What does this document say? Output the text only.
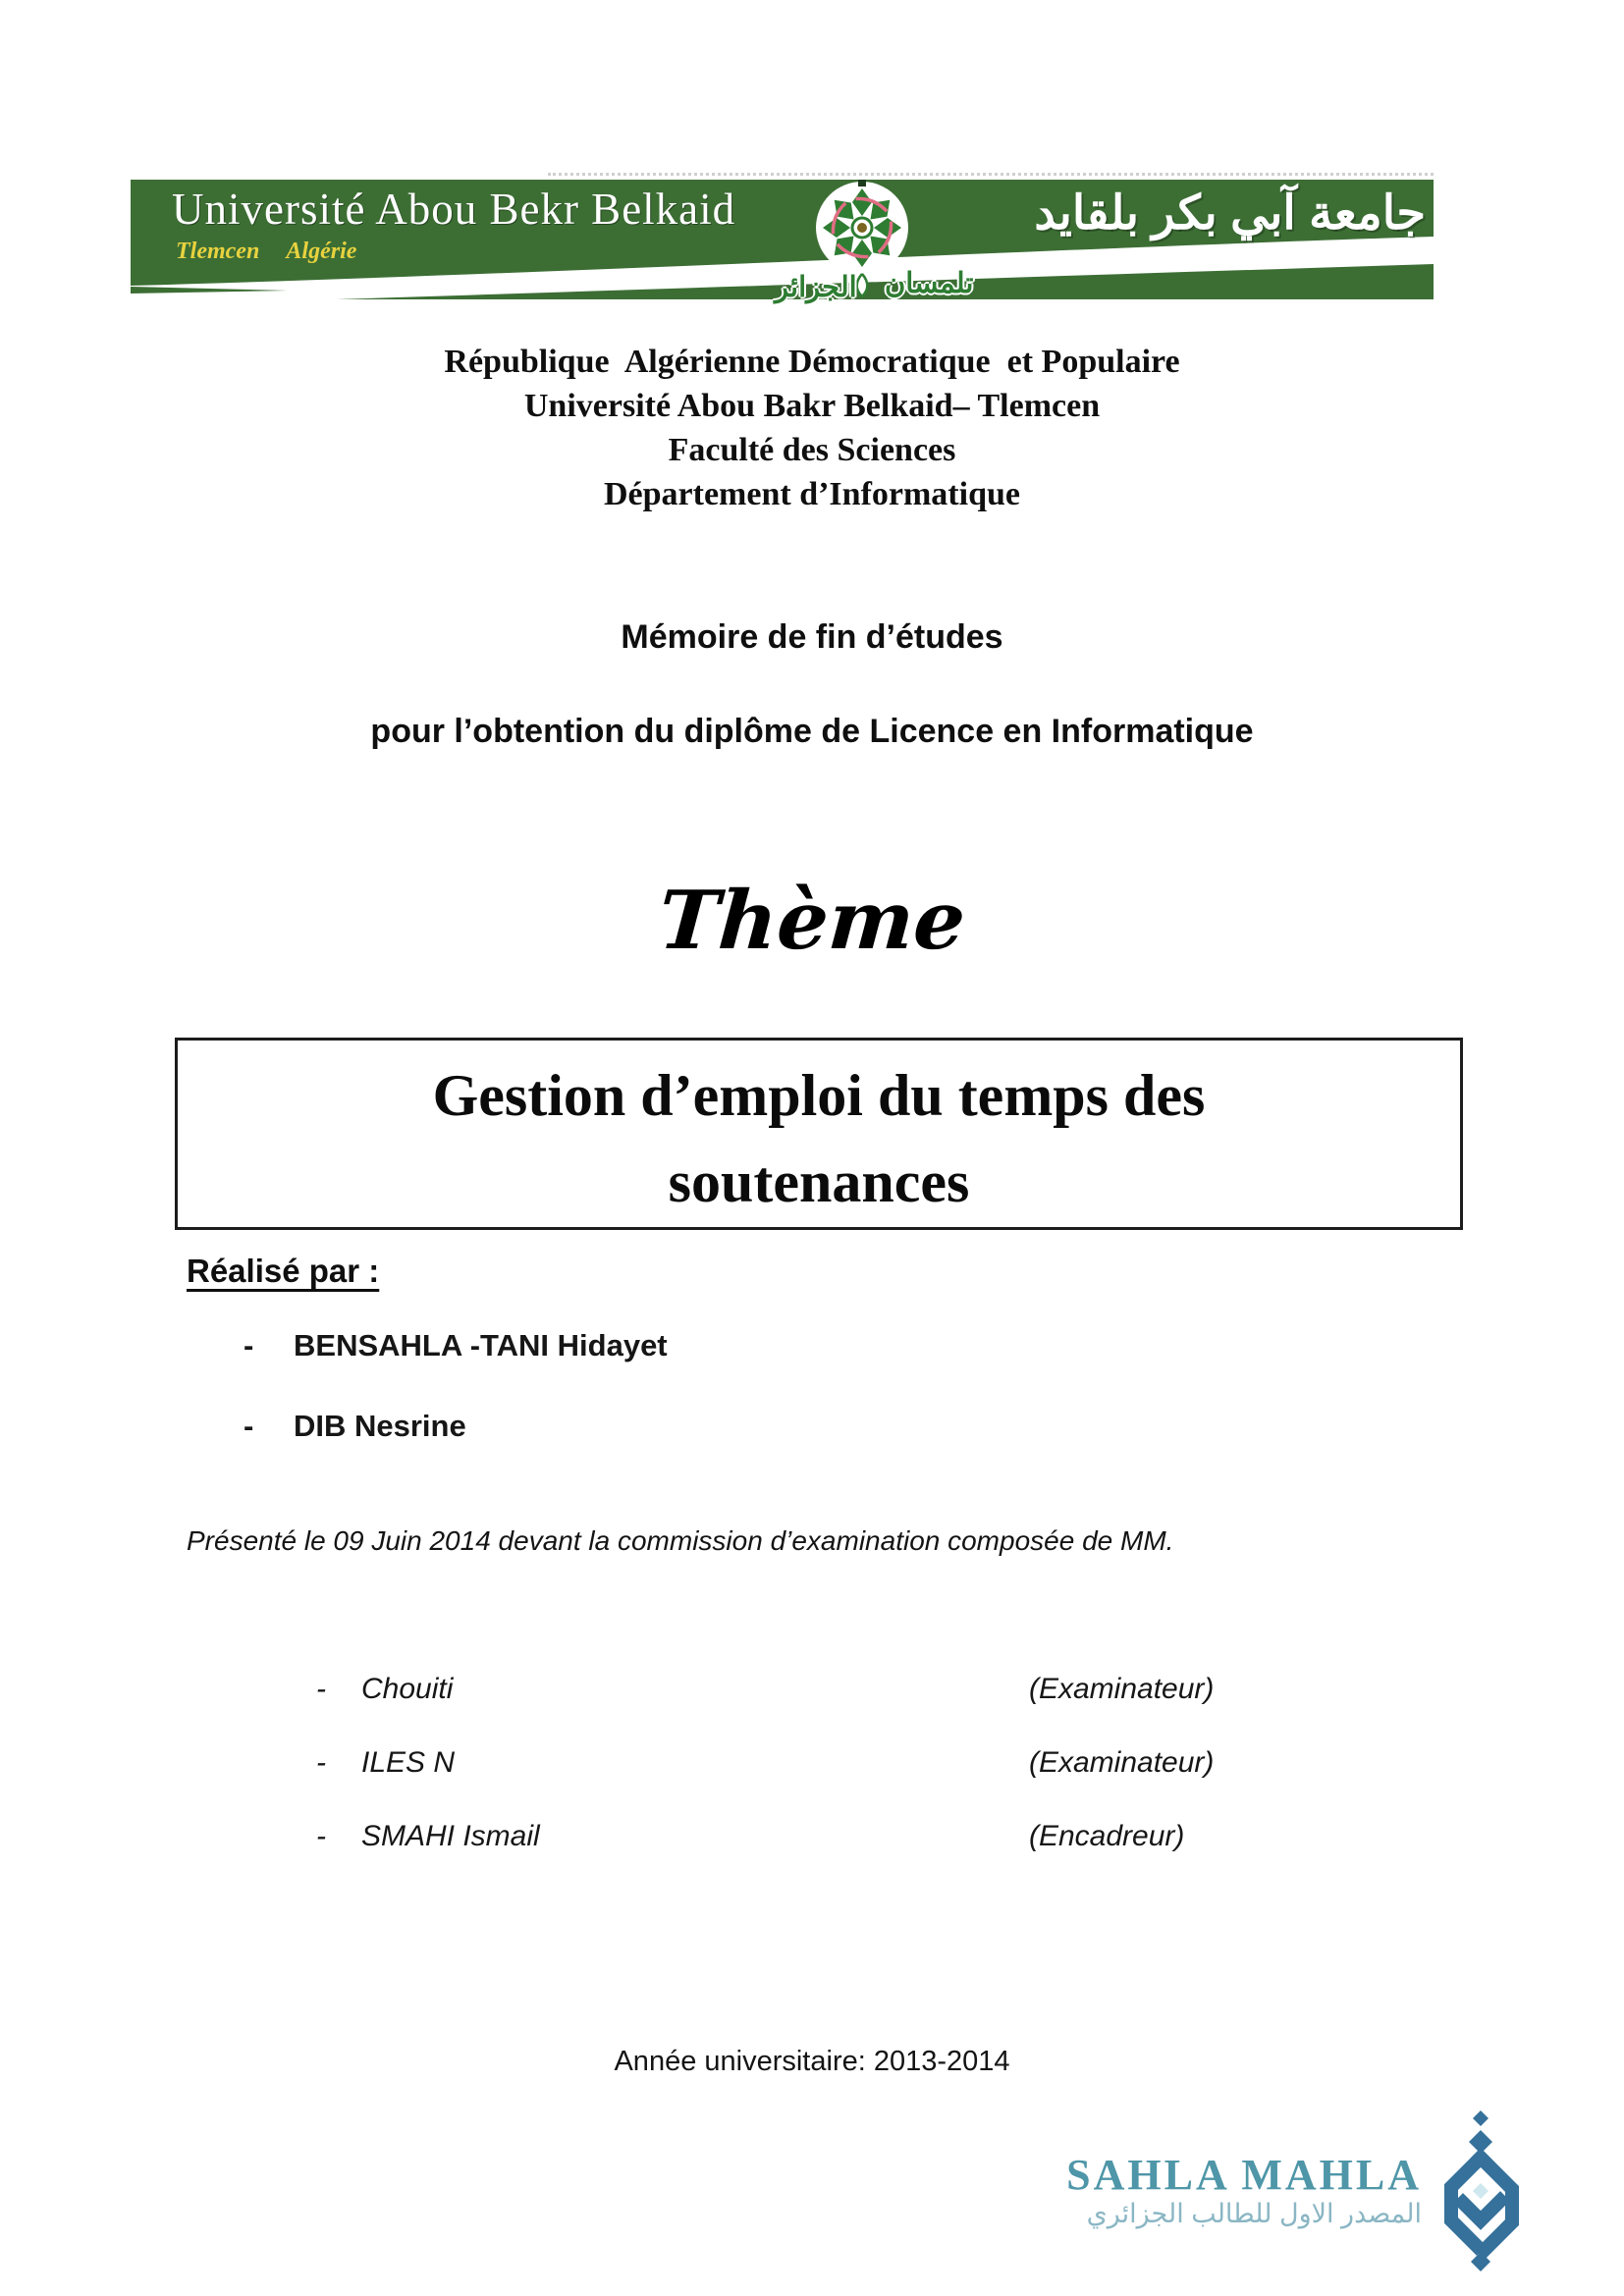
Université Abou Bekr Belkaid
Tlemcen Algérie
جامعة آبي بكر بلقايد
تلمسان
الجزائر
République  Algérienne Démocratique  et Populaire
Université Abou Bakr Belkaid– Tlemcen
Faculté des Sciences
Département d’Informatique
Mémoire de fin d’études
pour l’obtention du diplôme de Licence en Informatique
Thème
Gestion d’emploi du temps des
soutenances
Réalisé par :
- BENSAHLA -TANI Hidayet
- DIB Nesrine
Présenté le 09 Juin 2014 devant la commission d’examination composée de MM.
- Chouiti	(Examinateur)
- ILES N	(Examinateur)
- SMAHI Ismail	(Encadreur)
Année universitaire: 2013-2014
SAHLA MAHLA
المصدر الاول للطالب الجزائري
